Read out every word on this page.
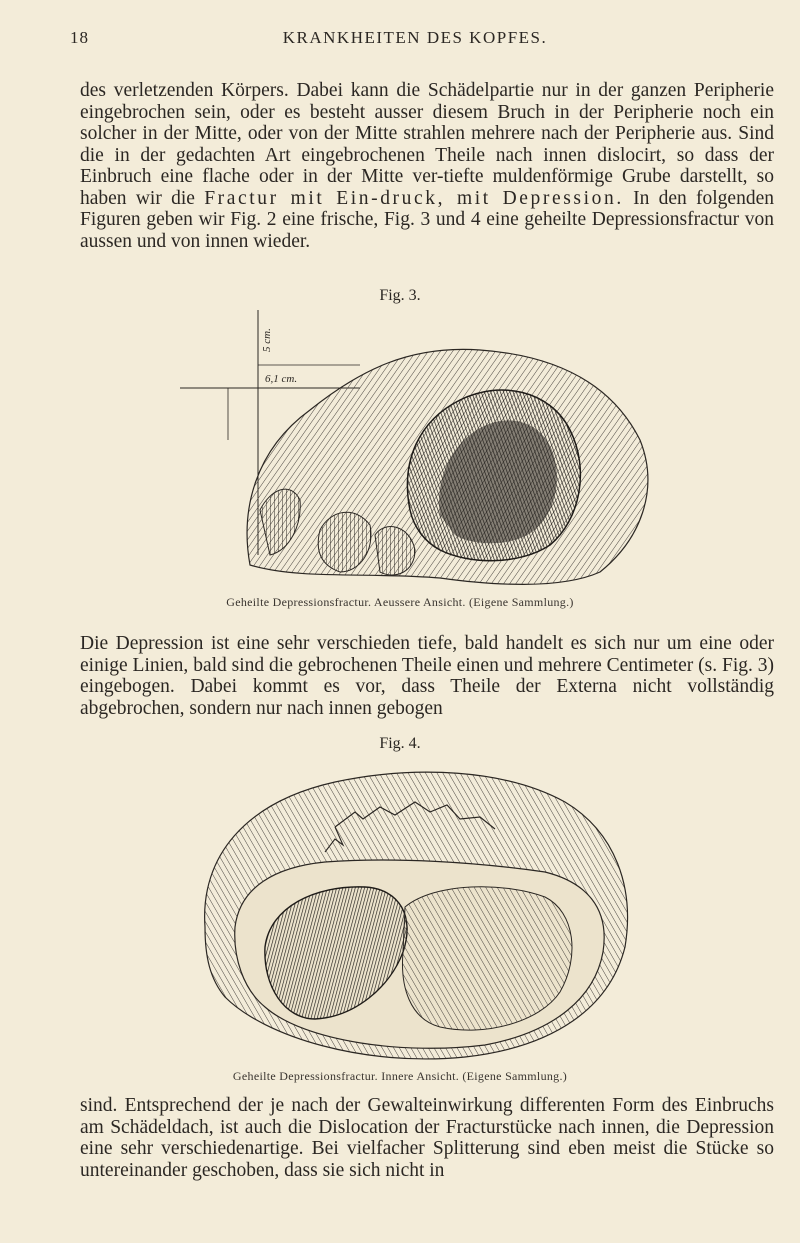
18	KRANKHEITEN DES KOPFES.

des verletzenden Körpers. Dabei kann die Schädelpartie nur in der ganzen Peripherie eingebrochen sein, oder es besteht ausser diesem Bruch in der Peripherie noch ein solcher in der Mitte, oder von der Mitte strahlen mehrere nach der Peripherie aus. Sind die in der gedachten Art eingebrochenen Theile nach innen dislocirt, so dass der Einbruch eine flache oder in der Mitte ver-tiefte muldenförmige Grube darstellt, so haben wir die Fractur mit Ein-druck, mit Depression. In den folgenden Figuren geben wir Fig. 2 eine frische, Fig. 3 und 4 eine geheilte Depressionsfractur von aussen und von innen wieder.

Fig. 3.
5 cm.
6,1 cm.
Geheilte Depressionsfractur. Aeussere Ansicht. (Eigene Sammlung.)

Die Depression ist eine sehr verschieden tiefe, bald handelt es sich nur um eine oder einige Linien, bald sind die gebrochenen Theile einen und mehrere Centimeter (s. Fig. 3) eingebogen. Dabei kommt es vor, dass Theile der Externa nicht vollständig abgebrochen, sondern nur nach innen gebogen

Fig. 4.
Geheilte Depressionsfractur. Innere Ansicht. (Eigene Sammlung.)

sind. Entsprechend der je nach der Gewalteinwirkung differenten Form des Einbruchs am Schädeldach, ist auch die Dislocation der Fracturstücke nach innen, die Depression eine sehr verschiedenartige. Bei vielfacher Splitterung sind eben meist die Stücke so untereinander geschoben, dass sie sich nicht in
